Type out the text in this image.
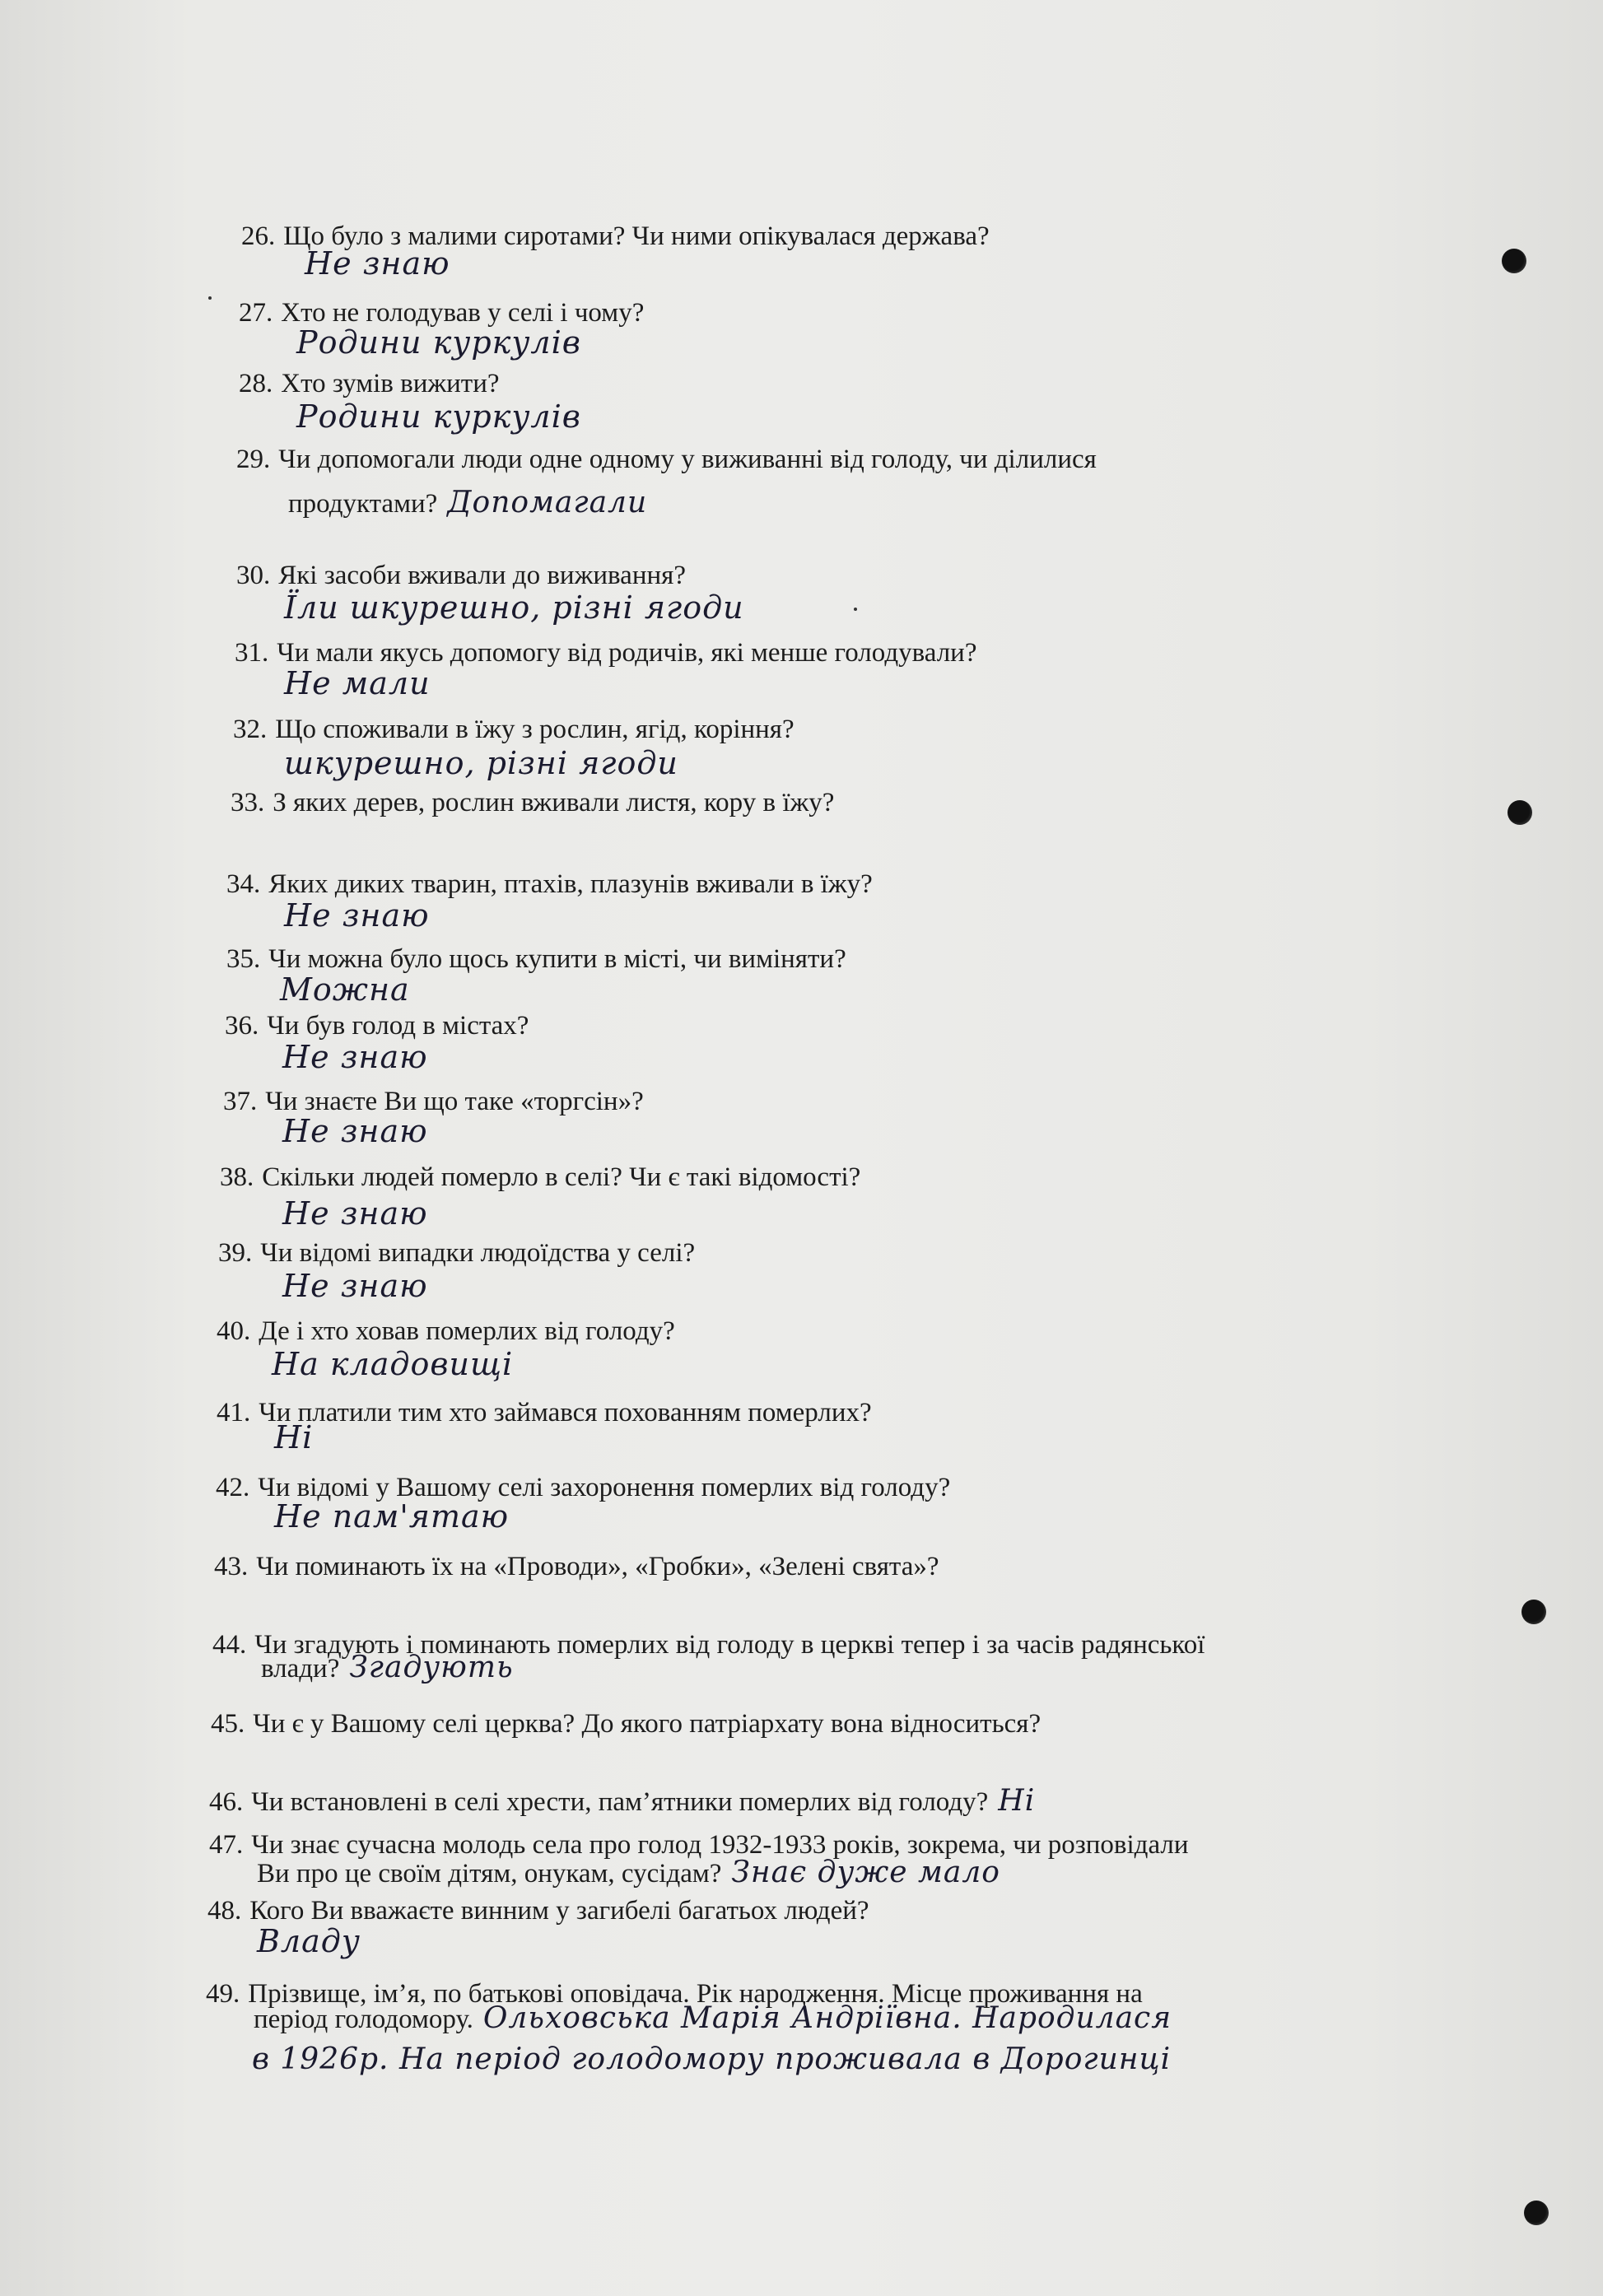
26. Що було з малими сиротами? Чи ними опікувалася держава?
Не знаю
27. Хто не голодував у селі і чому?
Родини куркулів
28. Хто зумів вижити?
Родини куркулів
29. Чи допомогали люди одне одному у виживанні від голоду, чи ділилися
продуктами? Допомагали
30. Які засоби вживали до виживання?
Їли шкурешно, різні ягоди
31. Чи мали якусь допомогу від родичів, які менше голодували?
Не мали
32. Що споживали в їжу з рослин, ягід, коріння?
шкурешно, різні ягоди
33. З яких дерев, рослин вживали листя, кору в їжу?
34. Яких диких тварин, птахів, плазунів вживали в їжу?
Не знаю
35. Чи можна було щось купити в місті, чи виміняти?
Можна
36. Чи був голод в містах?
Не знаю
37. Чи знаєте Ви що таке «торгсін»?
Не знаю
38. Скільки людей померло в селі? Чи є такі відомості?
Не знаю
39. Чи відомі випадки людоїдства у селі?
Не знаю
40. Де і хто ховав померлих від голоду?
На кладовищі
41. Чи платили тим хто займався похованням померлих?
Ні
42. Чи відомі у Вашому селі захоронення померлих від голоду?
Не пам'ятаю
43. Чи поминають їх на «Проводи», «Гробки», «Зелені свята»?
44. Чи згадують і поминають померлих від голоду в церкві тепер і за часів радянської
влади? Згадують
45. Чи є у Вашому селі церква? До якого патріархату вона відноситься?
46. Чи встановлені в селі хрести, пам’ятники померлих від голоду? Ні
47. Чи знає сучасна молодь села про голод 1932-1933 років, зокрема, чи розповідали
Ви про це своїм дітям, онукам, сусідам? Знає дуже мало
48. Кого Ви вважаєте винним у загибелі багатьох людей?
Владу
49. Прізвище, ім’я, по батькові оповідача. Рік народження. Місце проживання на
період голодомору. Ольховська Марія Андріївна. Народилася
в 1926р. На період голодомору проживала в Дорогинці
